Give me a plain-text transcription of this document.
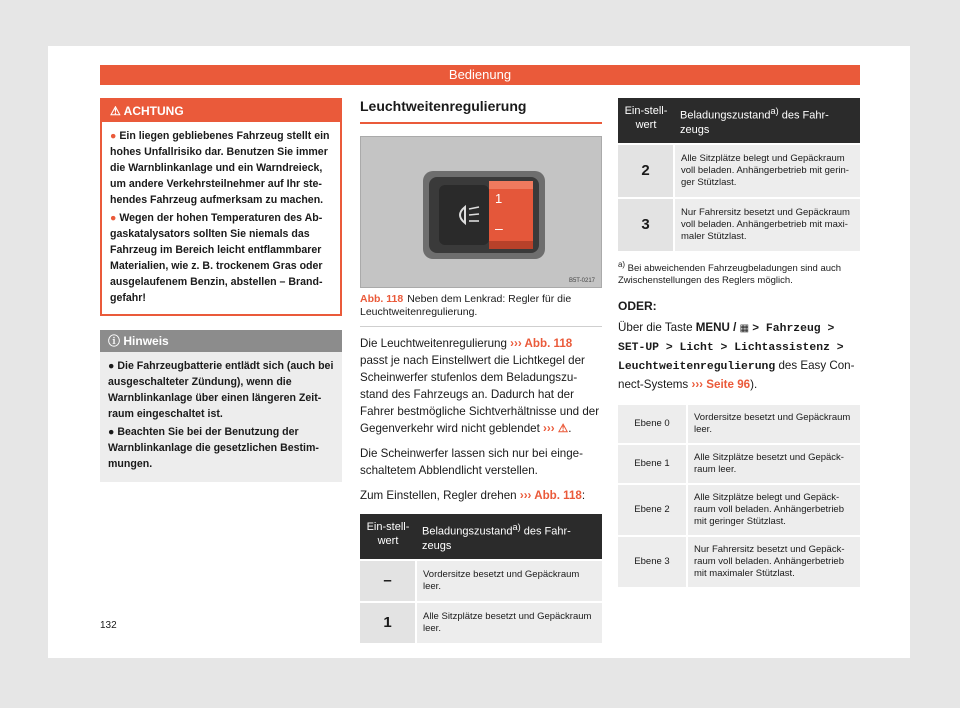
Bedienung
⚠ ACHTUNG

● Ein liegen gebliebenes Fahrzeug stellt ein hohes Unfallrisiko dar. Benutzen Sie immer die Warnblinkanlage und ein Warndreieck, um andere Verkehrsteilnehmer auf Ihr ste-hendes Fahrzeug aufmerksam zu machen.

● Wegen der hohen Temperaturen des Ab-gaskatalysators sollten Sie niemals das Fahrzeug im Bereich leicht entflammbarer Materialien, wie z. B. trockenem Gras oder ausgelaufenem Benzin, abstellen – Brand-gefahr!

ⓘ Hinweis

● Die Fahrzeugbatterie entlädt sich (auch bei ausgeschalteter Zündung), wenn die Warnblinkanlage über einen längeren Zeit-raum eingeschaltet ist.

● Beachten Sie bei der Benutzung der Warnblinkanlage die gesetzlichen Bestim-mungen.

Leuchtweitenregulierung
1
–
B5T-0217
Abb. 118 Neben dem Lenkrad: Regler für die Leuchtweitenregulierung.

Die Leuchtweitenregulierung ››› Abb. 118 passt je nach Einstellwert die Lichtkegel der Scheinwerfer stufenlos dem Beladungszu-stand des Fahrzeugs an. Dadurch hat der Fahrer bestmögliche Sichtverhältnisse und der Gegenverkehr wird nicht geblendet ››› ⚠.

Die Scheinwerfer lassen sich nur bei einge-schaltetem Abblendlicht verstellen.

Zum Einstellen, Regler drehen ››› Abb. 118:

Ein-stell-wert	Beladungszustand$^{a)}$ des Fahr-zeugs
–	Vordersitze besetzt und Gepäckraum leer.
1	Alle Sitzplätze besetzt und Gepäckraum leer.
Ein-stell-wert	Beladungszustand$^{a)}$ des Fahr-zeugs
2	Alle Sitzplätze belegt und Gepäckraum voll beladen. Anhängerbetrieb mit gerin-ger Stützlast.
3	Nur Fahrersitz besetzt und Gepäckraum voll beladen. Anhängerbetrieb mit maxi-maler Stützlast.
$^{a)}$ Bei abweichenden Fahrzeugbeladungen sind auch Zwischenstellungen des Reglers möglich.
ODER:

Über die Taste MENU / ▦ > Fahrzeug > SET-UP > Licht > Lichtassistenz > Leuchtweitenregulierung des Easy Con-nect-Systems ››› Seite 96).

Ebene 0	Vordersitze besetzt und Gepäckraum leer.
Ebene 1	Alle Sitzplätze besetzt und Gepäck-raum leer.
Ebene 2	Alle Sitzplätze belegt und Gepäck-raum voll beladen. Anhängerbetrieb mit geringer Stützlast.
Ebene 3	Nur Fahrersitz besetzt und Gepäck-raum voll beladen. Anhängerbetrieb mit maximaler Stützlast.
132
